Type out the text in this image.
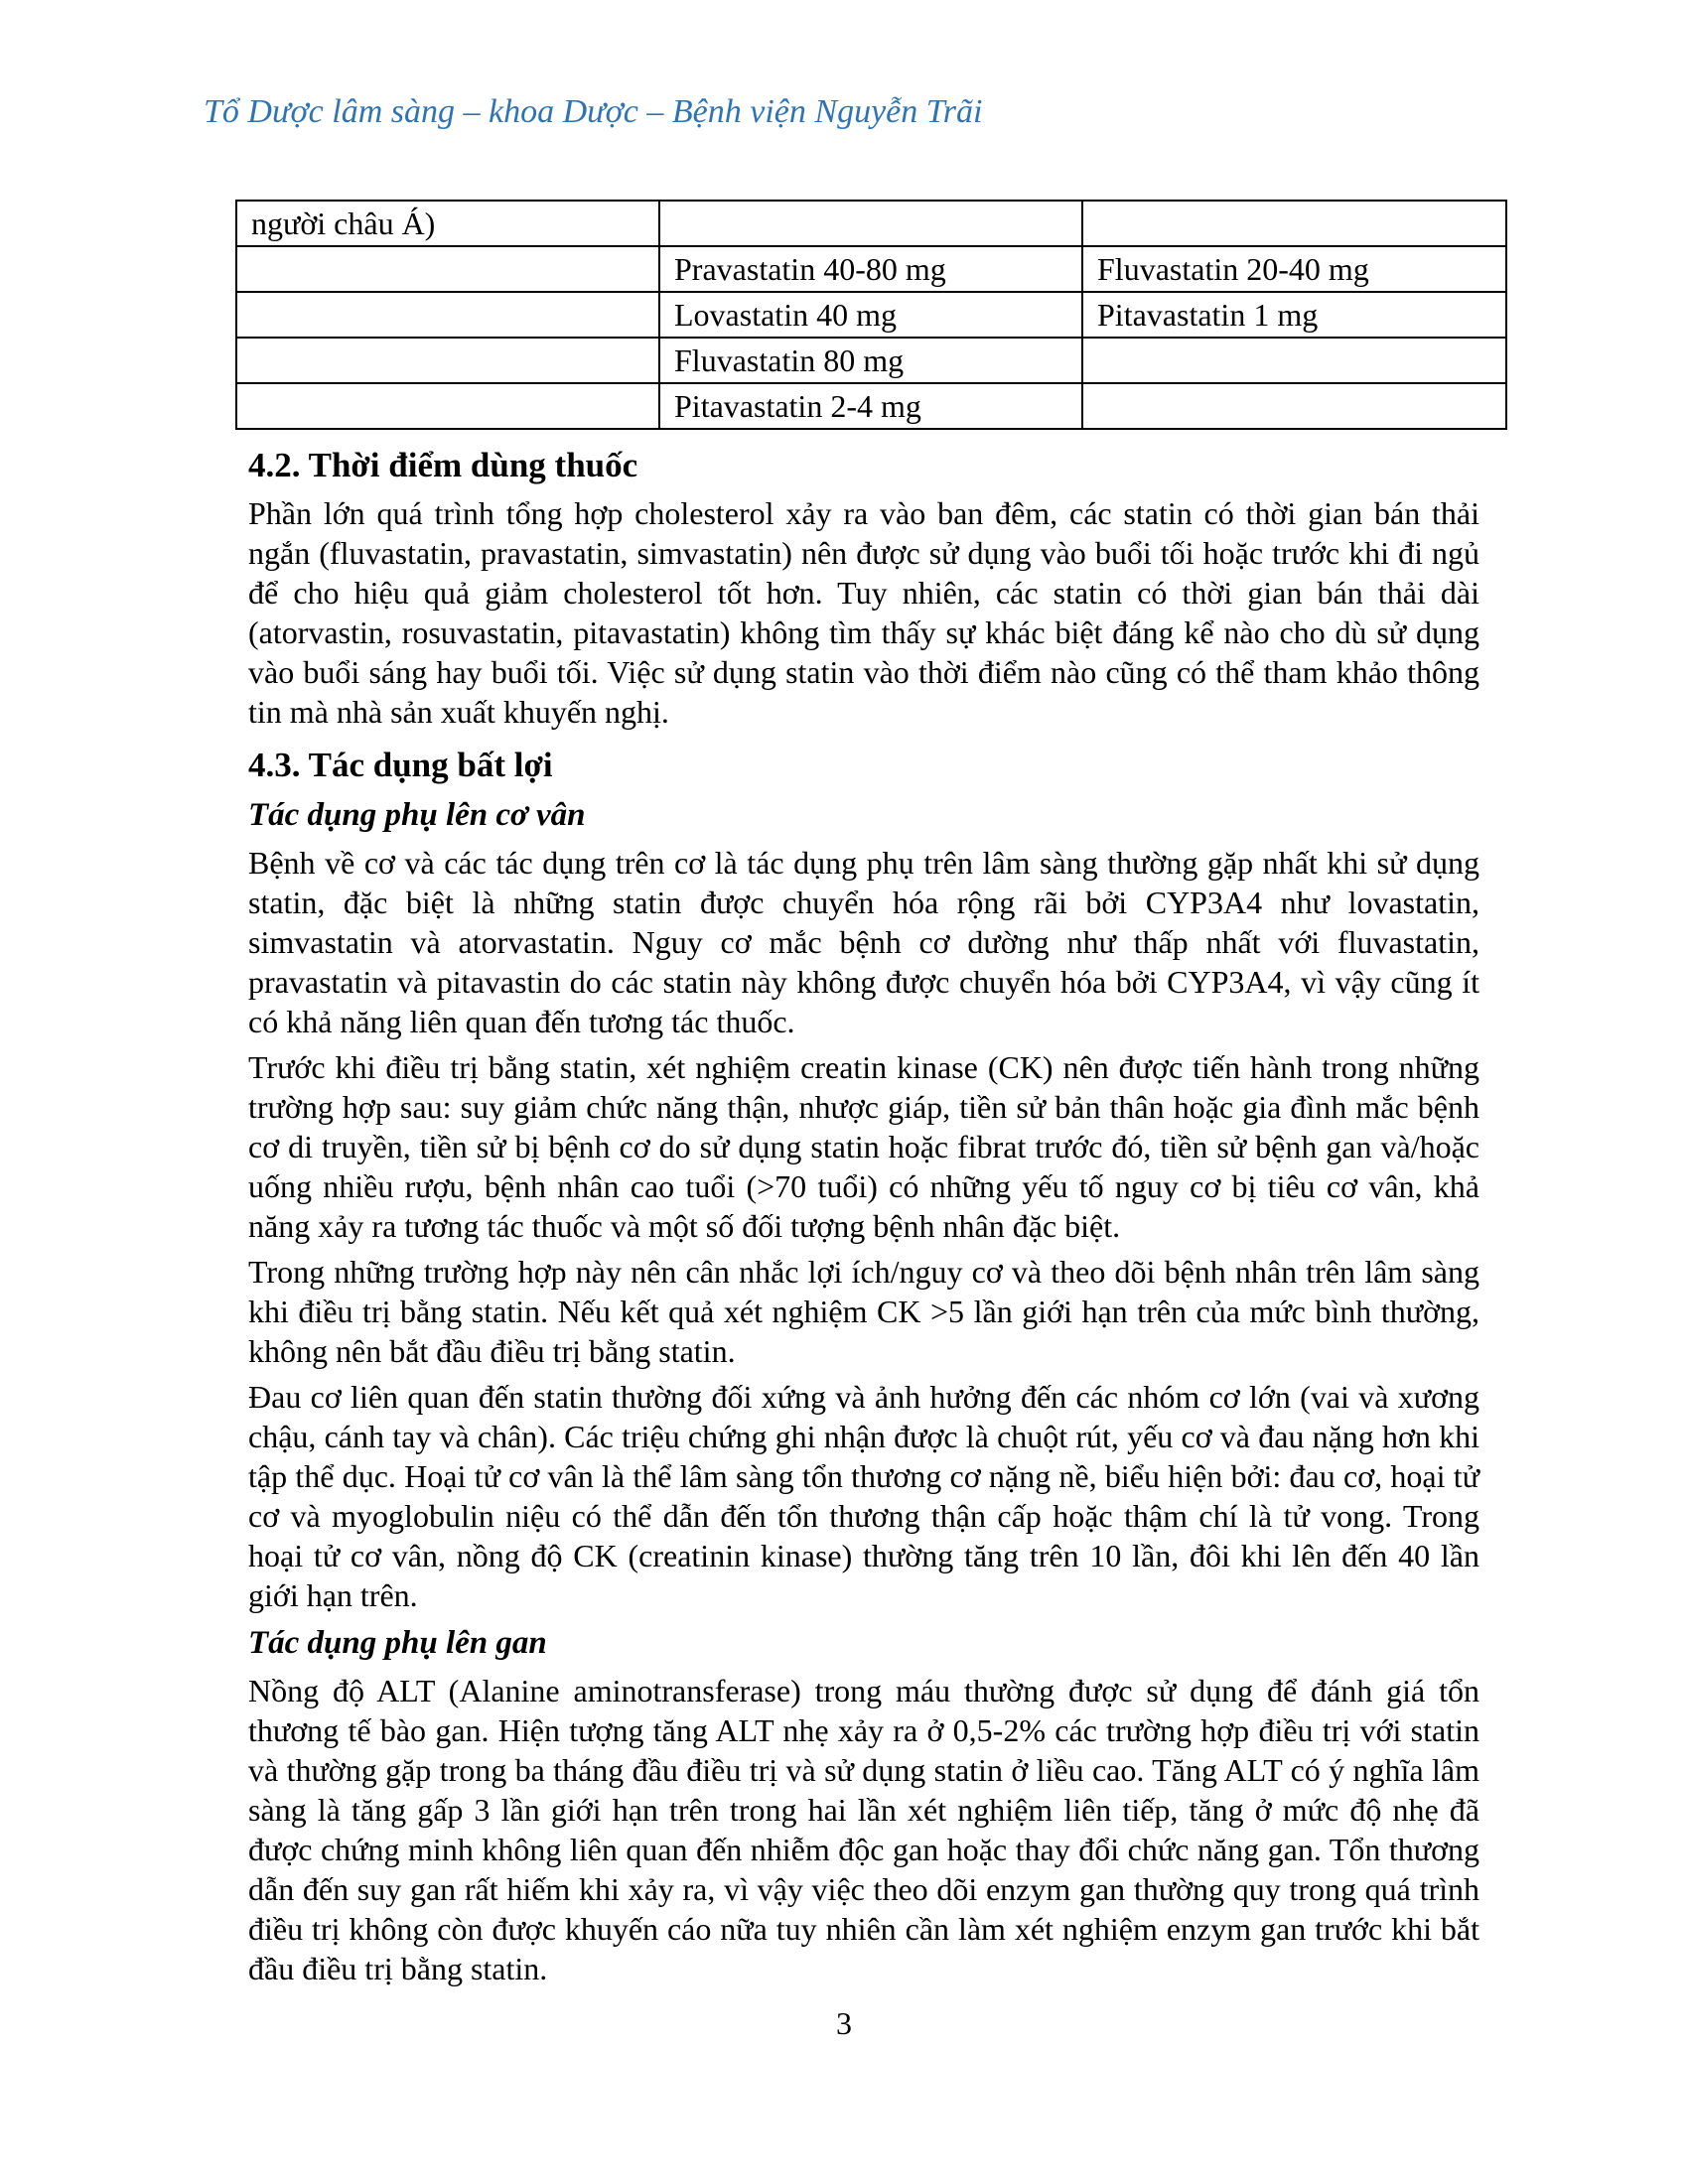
Tổ Dược lâm sàng – khoa Dược – Bệnh viện Nguyễn Trãi
người châu Á)		
	Pravastatin 40-80 mg	Fluvastatin 20-40 mg
	Lovastatin 40 mg	Pitavastatin 1 mg
	Fluvastatin 80 mg	
	Pitavastatin 2-4 mg	
4.2. Thời điểm dùng thuốc

Phần lớn quá trình tổng hợp cholesterol xảy ra vào ban đêm, các statin có thời gian bán thải ngắn (fluvastatin, pravastatin, simvastatin) nên được sử dụng vào buổi tối hoặc trước khi đi ngủ để cho hiệu quả giảm cholesterol tốt hơn. Tuy nhiên, các statin có thời gian bán thải dài (atorvastin, rosuvastatin, pitavastatin) không tìm thấy sự khác biệt đáng kể nào cho dù sử dụng vào buổi sáng hay buổi tối. Việc sử dụng statin vào thời điểm nào cũng có thể tham khảo thông tin mà nhà sản xuất khuyến nghị.

4.3. Tác dụng bất lợi
Tác dụng phụ lên cơ vân

Bệnh về cơ và các tác dụng trên cơ là tác dụng phụ trên lâm sàng thường gặp nhất khi sử dụng statin, đặc biệt là những statin được chuyển hóa rộng rãi bởi CYP3A4 như lovastatin, simvastatin và atorvastatin. Nguy cơ mắc bệnh cơ dường như thấp nhất với fluvastatin, pravastatin và pitavastin do các statin này không được chuyển hóa bởi CYP3A4, vì vậy cũng ít có khả năng liên quan đến tương tác thuốc.

Trước khi điều trị bằng statin, xét nghiệm creatin kinase (CK) nên được tiến hành trong những trường hợp sau: suy giảm chức năng thận, nhược giáp, tiền sử bản thân hoặc gia đình mắc bệnh cơ di truyền, tiền sử bị bệnh cơ do sử dụng statin hoặc fibrat trước đó, tiền sử bệnh gan và/hoặc uống nhiều rượu, bệnh nhân cao tuổi (>70 tuổi) có những yếu tố nguy cơ bị tiêu cơ vân, khả năng xảy ra tương tác thuốc và một số đối tượng bệnh nhân đặc biệt.

Trong những trường hợp này nên cân nhắc lợi ích/nguy cơ và theo dõi bệnh nhân trên lâm sàng khi điều trị bằng statin. Nếu kết quả xét nghiệm CK >5 lần giới hạn trên của mức bình thường, không nên bắt đầu điều trị bằng statin.

Đau cơ liên quan đến statin thường đối xứng và ảnh hưởng đến các nhóm cơ lớn (vai và xương chậu, cánh tay và chân). Các triệu chứng ghi nhận được là chuột rút, yếu cơ và đau nặng hơn khi tập thể dục. Hoại tử cơ vân là thể lâm sàng tổn thương cơ nặng nề, biểu hiện bởi: đau cơ, hoại tử cơ và myoglobulin niệu có thể dẫn đến tổn thương thận cấp hoặc thậm chí là tử vong. Trong hoại tử cơ vân, nồng độ CK (creatinin kinase) thường tăng trên 10 lần, đôi khi lên đến 40 lần giới hạn trên.

Tác dụng phụ lên gan

Nồng độ ALT (Alanine aminotransferase) trong máu thường được sử dụng để đánh giá tổn thương tế bào gan. Hiện tượng tăng ALT nhẹ xảy ra ở 0,5-2% các trường hợp điều trị với statin và thường gặp trong ba tháng đầu điều trị và sử dụng statin ở liều cao. Tăng ALT có ý nghĩa lâm sàng là tăng gấp 3 lần giới hạn trên trong hai lần xét nghiệm liên tiếp, tăng ở mức độ nhẹ đã được chứng minh không liên quan đến nhiễm độc gan hoặc thay đổi chức năng gan. Tổn thương dẫn đến suy gan rất hiếm khi xảy ra, vì vậy việc theo dõi enzym gan thường quy trong quá trình điều trị không còn được khuyến cáo nữa tuy nhiên cần làm xét nghiệm enzym gan trước khi bắt đầu điều trị bằng statin.

3
